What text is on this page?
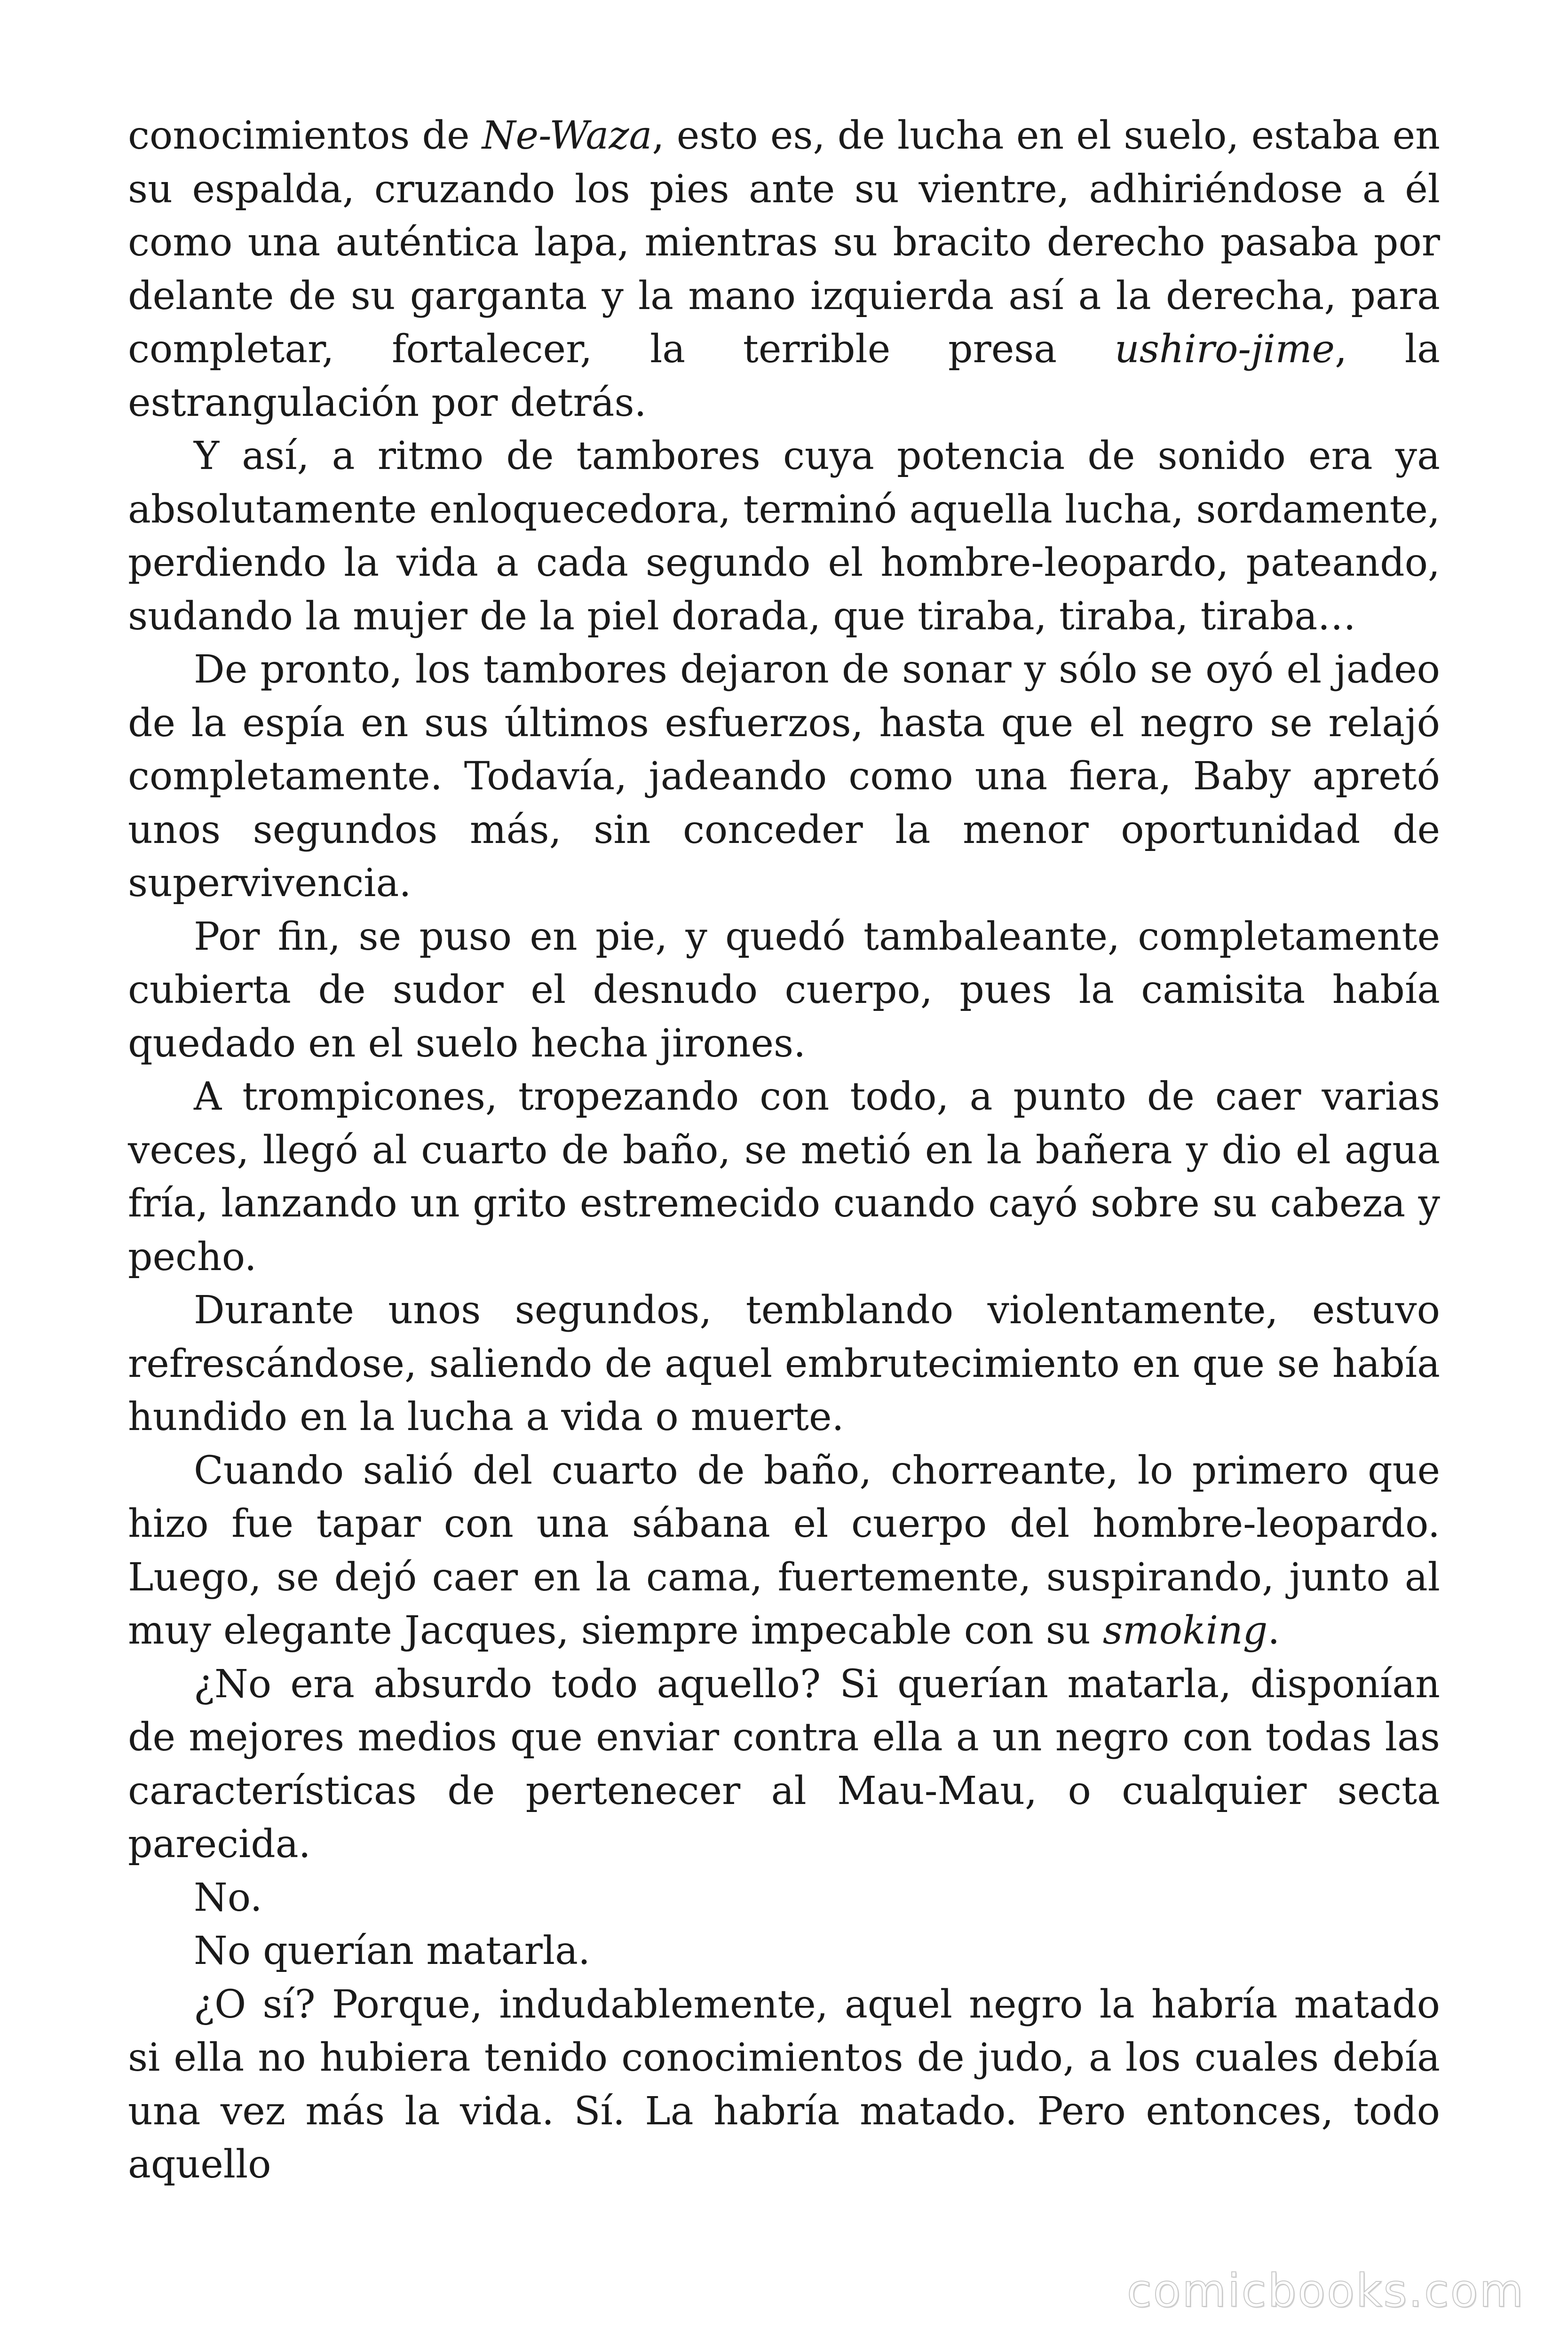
conocimientos de Ne-Waza, esto es, de lucha en el suelo, estaba en su espalda, cruzando los pies ante su vientre, adhiriéndose a él como una auténtica lapa, mientras su bracito derecho pasaba por delante de su garganta y la mano izquierda así a la derecha, para completar, fortalecer, la terrible presa ushiro-jime, la estrangulación por detrás.

Y así, a ritmo de tambores cuya potencia de sonido era ya absolutamente enloquecedora, terminó aquella lucha, sordamente, perdiendo la vida a cada segundo el hombre-leopardo, pateando, sudando la mujer de la piel dorada, que tiraba, tiraba, tiraba…

De pronto, los tambores dejaron de sonar y sólo se oyó el jadeo de la espía en sus últimos esfuerzos, hasta que el negro se relajó completamente. Todavía, jadeando como una fiera, Baby apretó unos segundos más, sin conceder la menor oportunidad de supervivencia.

Por fin, se puso en pie, y quedó tambaleante, completamente cubierta de sudor el desnudo cuerpo, pues la camisita había quedado en el suelo hecha jirones.

A trompicones, tropezando con todo, a punto de caer varias veces, llegó al cuarto de baño, se metió en la bañera y dio el agua fría, lanzando un grito estremecido cuando cayó sobre su cabeza y pecho.

Durante unos segundos, temblando violentamente, estuvo refrescándose, saliendo de aquel embrutecimiento en que se había hundido en la lucha a vida o muerte.

Cuando salió del cuarto de baño, chorreante, lo primero que hizo fue tapar con una sábana el cuerpo del hombre-leopardo. Luego, se dejó caer en la cama, fuertemente, suspirando, junto al muy elegante Jacques, siempre impecable con su smoking.

¿No era absurdo todo aquello? Si querían matarla, disponían de mejores medios que enviar contra ella a un negro con todas las características de pertenecer al Mau-Mau, o cualquier secta parecida.

No.

No querían matarla.

¿O sí? Porque, indudablemente, aquel negro la habría matado si ella no hubiera tenido conocimientos de judo, a los cuales debía una vez más la vida. Sí. La habría matado. Pero entonces, todo aquello

comicbooks.com
